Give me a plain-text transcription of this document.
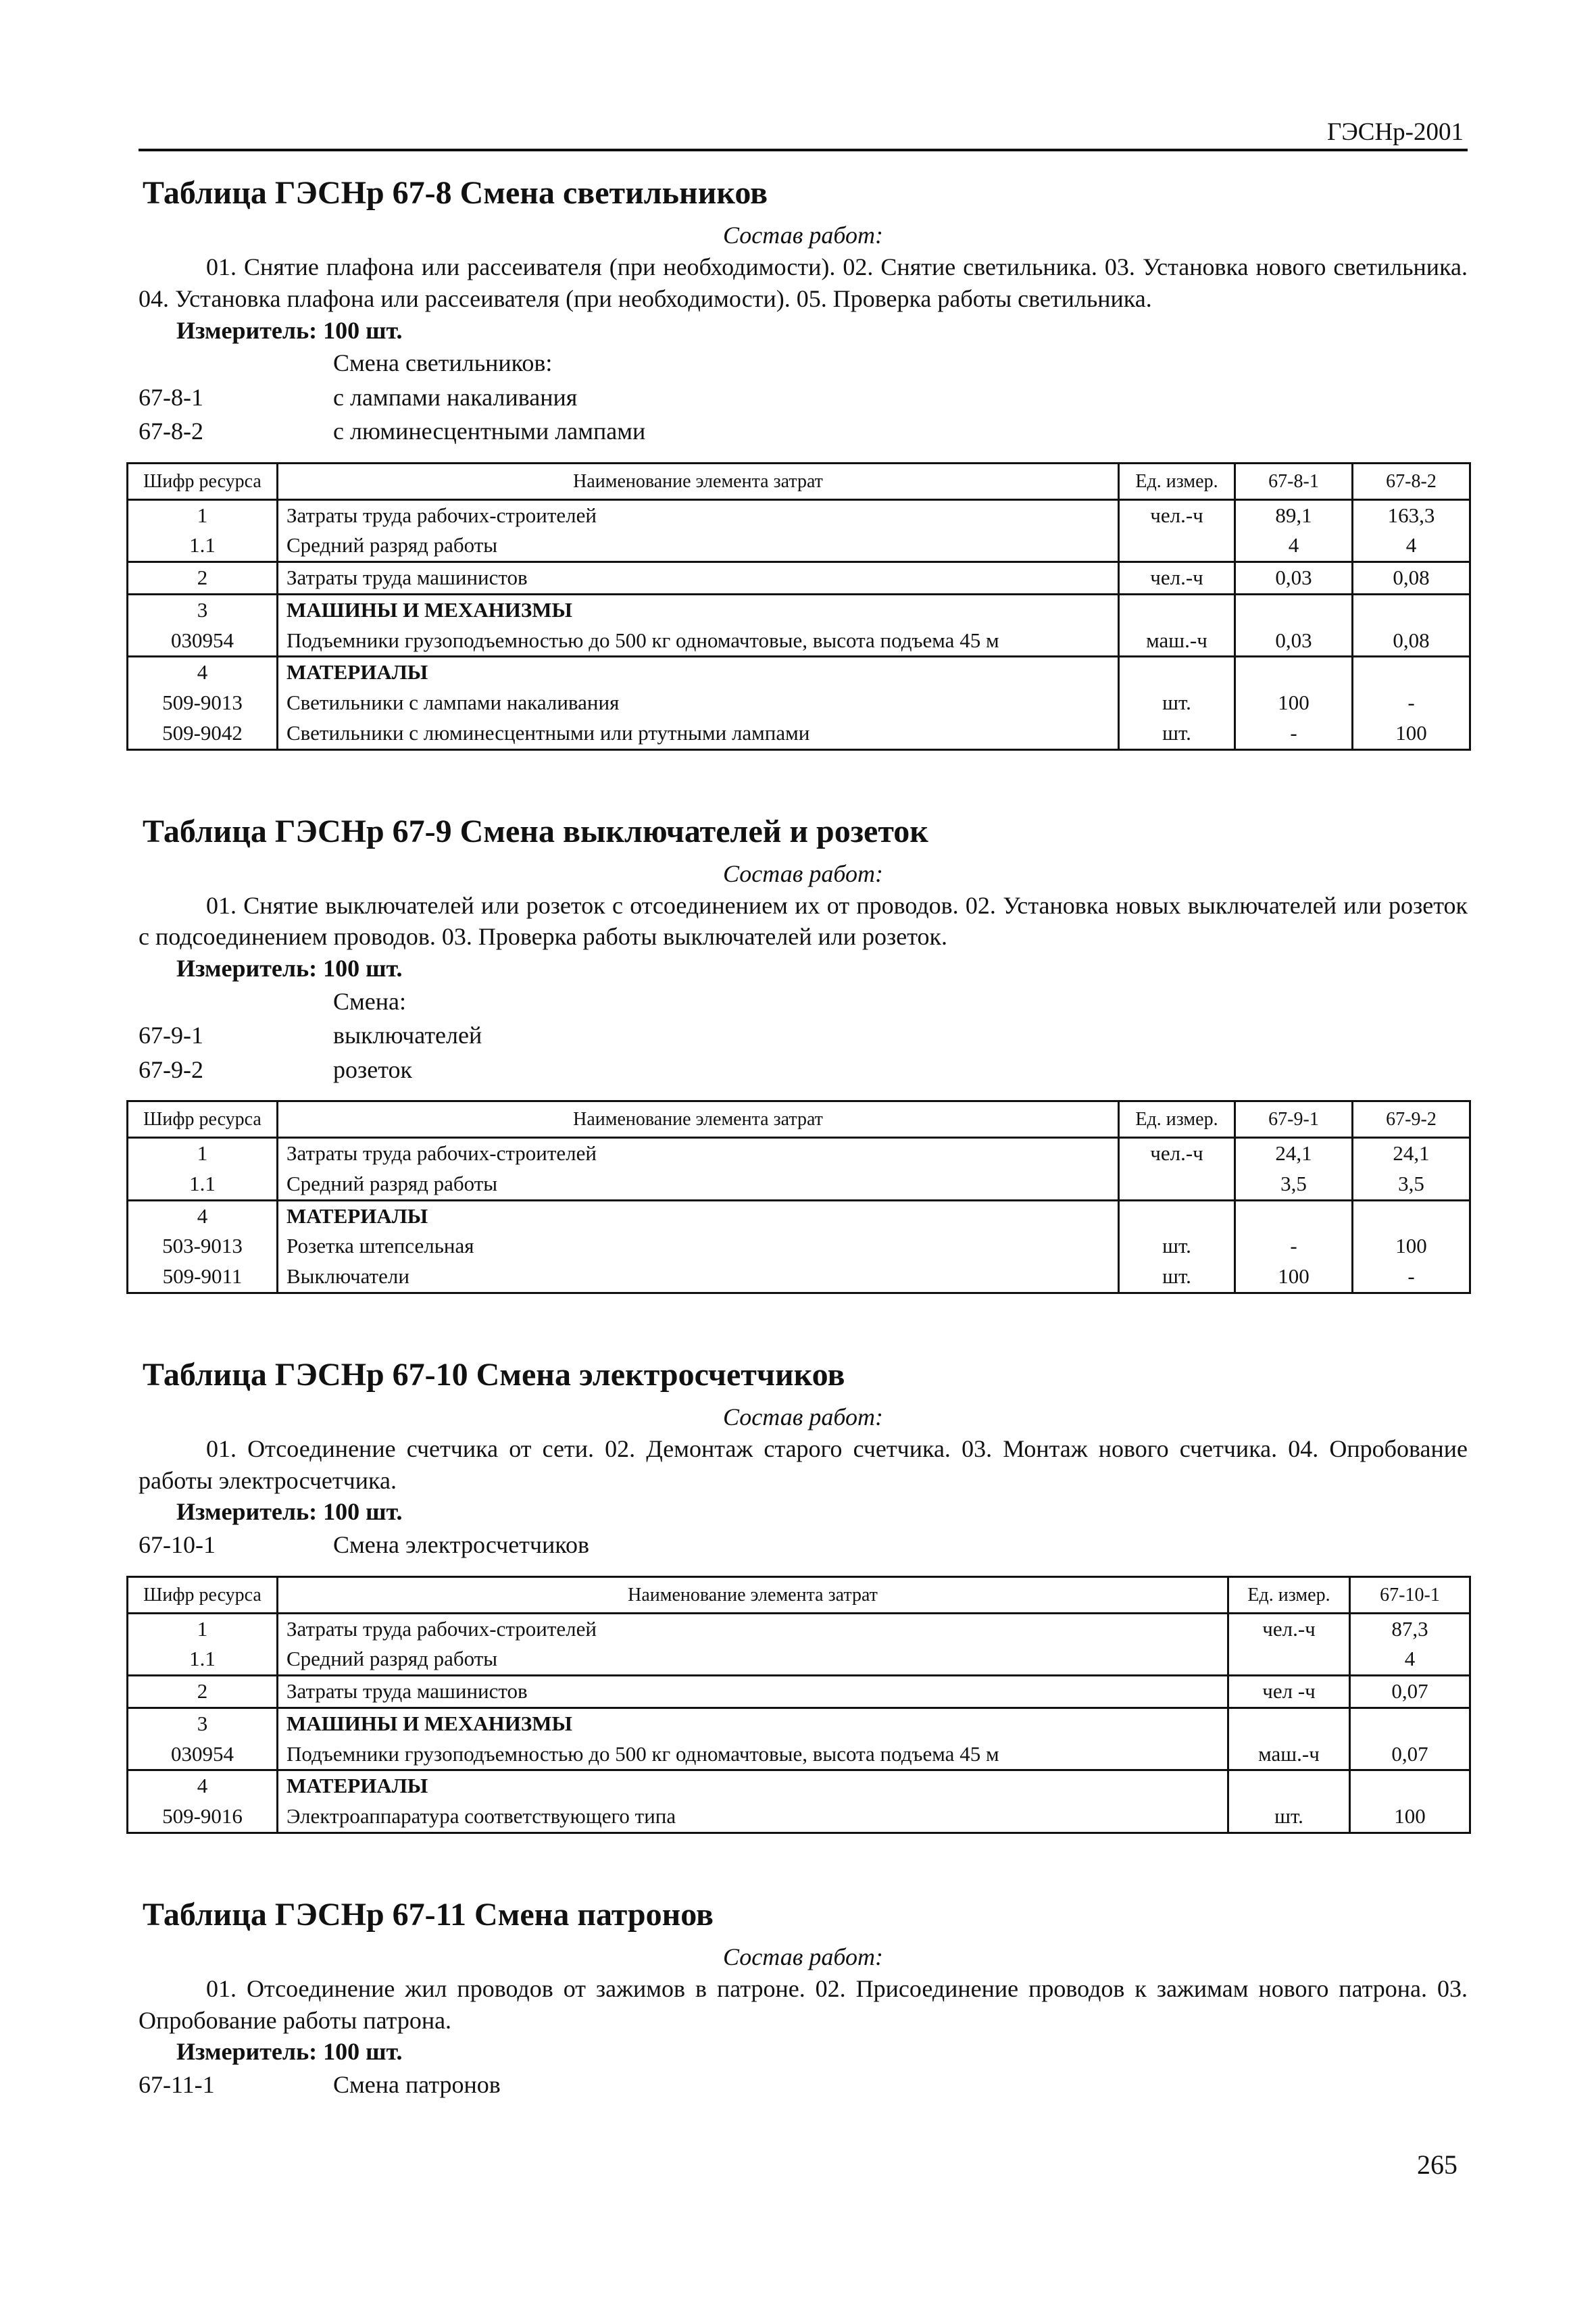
ГЭСНр-2001
Таблица ГЭСНр 67-8 Смена светильников

Состав работ:

01. Снятие плафона или рассеивателя (при необходимости). 02. Снятие светильника. 03. Установка нового светильника. 04. Установка плафона или рассеивателя (при необходимости). 05. Проверка работы светильника.

Измеритель: 100 шт.

Смена светильников:
67-8-1	с лампами накаливания
67-8-2	с люминесцентными лампами
Шифр ресурса	Наименование элемента затрат	Ед. измер.	67-8-1	67-8-2
1	Затраты труда рабочих-строителей	чел.-ч	89,1	163,3
1.1	Средний разряд работы		4	4
2	Затраты труда машинистов	чел.-ч	0,03	0,08
3	МАШИНЫ И МЕХАНИЗМЫ			
030954	Подъемники грузоподъемностью до 500 кг одномачтовые, высота подъема 45 м	маш.-ч	0,03	0,08
4	МАТЕРИАЛЫ			
509-9013	Светильники с лампами накаливания	шт.	100	-
509-9042	Светильники с люминесцентными или ртутными лампами	шт.	-	100
Таблица ГЭСНр 67-9 Смена выключателей и розеток

Состав работ:

01. Снятие выключателей или розеток с отсоединением их от проводов. 02. Установка новых выключателей или розеток с подсоединением проводов. 03. Проверка работы выключателей или розеток.

Измеритель: 100 шт.

Смена:
67-9-1	выключателей
67-9-2	розеток
Шифр ресурса	Наименование элемента затрат	Ед. измер.	67-9-1	67-9-2
1	Затраты труда рабочих-строителей	чел.-ч	24,1	24,1
1.1	Средний разряд работы		3,5	3,5
4	МАТЕРИАЛЫ			
503-9013	Розетка штепсельная	шт.	-	100
509-9011	Выключатели	шт.	100	-
Таблица ГЭСНр 67-10 Смена электросчетчиков

Состав работ:

01. Отсоединение счетчика от сети. 02. Демонтаж старого счетчика. 03. Монтаж нового счетчика. 04. Опробование работы электросчетчика.

Измеритель: 100 шт.

67-10-1	Смена электросчетчиков
Шифр ресурса	Наименование элемента затрат	Ед. измер.	67-10-1
1	Затраты труда рабочих-строителей	чел.-ч	87,3
1.1	Средний разряд работы		4
2	Затраты труда машинистов	чел -ч	0,07
3	МАШИНЫ И МЕХАНИЗМЫ		
030954	Подъемники грузоподъемностью до 500 кг одномачтовые, высота подъема 45 м	маш.-ч	0,07
4	МАТЕРИАЛЫ		
509-9016	Электроаппаратура соответствующего типа	шт.	100
Таблица ГЭСНр 67-11 Смена патронов

Состав работ:

01. Отсоединение жил проводов от зажимов в патроне. 02. Присоединение проводов к зажимам нового патрона. 03. Опробование работы патрона.

Измеритель: 100 шт.

67-11-1	Смена патронов
265
